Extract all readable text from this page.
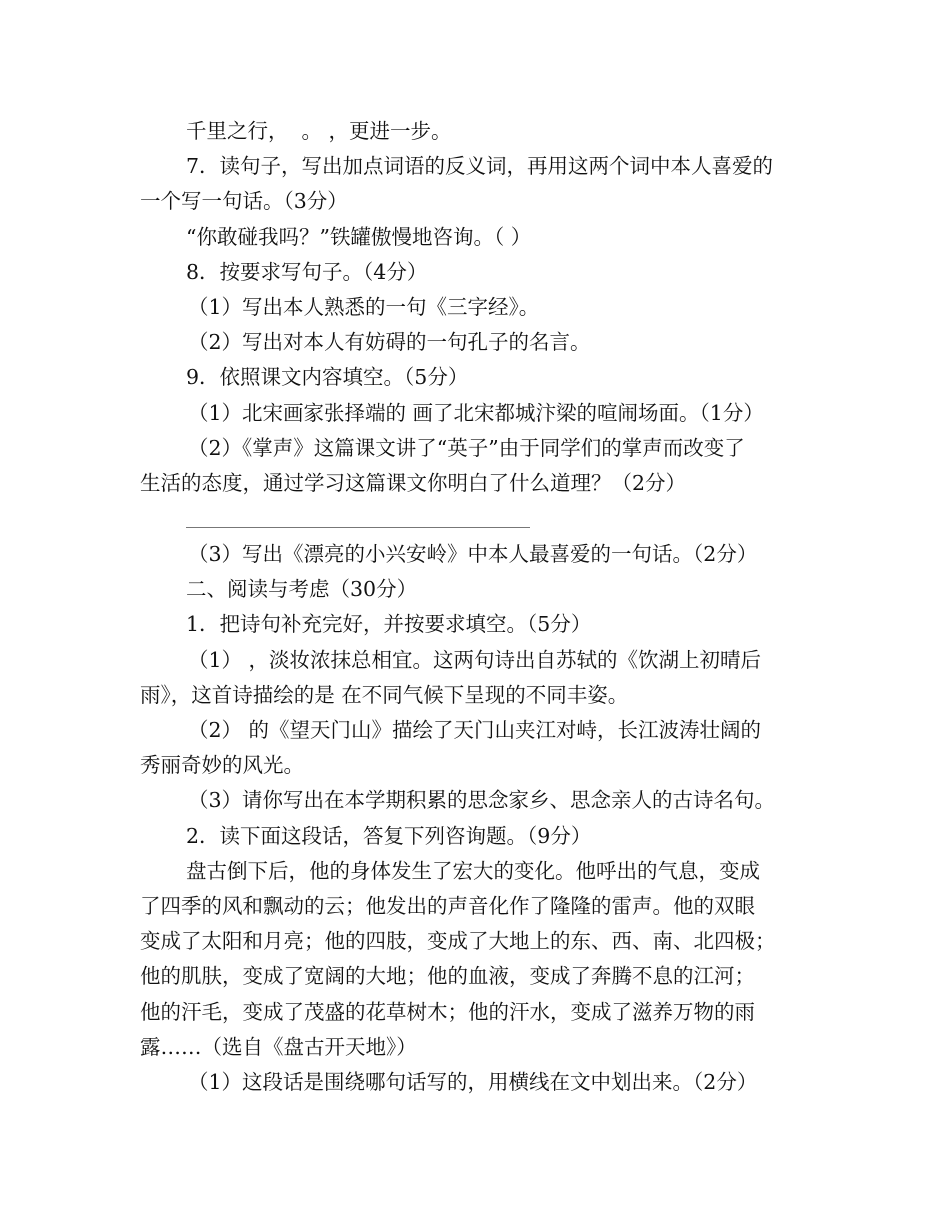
千里之行，  。 ，更进一步。
7．读句子，写出加点词语的反义词，再用这两个词中本人喜爱的
一个写一句话。（3分）
“你敢碰我吗？”铁罐傲慢地咨询。（ ）
8．按要求写句子。（4分）
（1）写出本人熟悉的一句《三字经》。
（2）写出对本人有妨碍的一句孔子的名言。
9．依照课文内容填空。（5分）
（1）北宋画家张择端的 画了北宋都城汴梁的喧闹场面。（1分）
（2）《掌声》这篇课文讲了“英子”由于同学们的掌声而改变了
生活的态度，通过学习这篇课文你明白了什么道理？（2分）
（3）写出《漂亮的小兴安岭》中本人最喜爱的一句话。（2分）
二、阅读与考虑（30分）
1．把诗句补充完好，并按要求填空。（5分）
（1） ，淡妆浓抹总相宜。这两句诗出自苏轼的《饮湖上初晴后
雨》，这首诗描绘的是 在不同气候下呈现的不同丰姿。
（2） 的《望天门山》描绘了天门山夹江对峙，长江波涛壮阔的
秀丽奇妙的风光。
（3）请你写出在本学期积累的思念家乡、思念亲人的古诗名句。
2．读下面这段话，答复下列咨询题。（9分）
盘古倒下后，他的身体发生了宏大的变化。他呼出的气息，变成
了四季的风和飘动的云；他发出的声音化作了隆隆的雷声。他的双眼
变成了太阳和月亮；他的四肢，变成了大地上的东、西、南、北四极；
他的肌肤，变成了宽阔的大地；他的血液，变成了奔腾不息的江河；
他的汗毛，变成了茂盛的花草树木；他的汗水，变成了滋养万物的雨
露……（选自《盘古开天地》）
（1）这段话是围绕哪句话写的，用横线在文中划出来。（2分）
